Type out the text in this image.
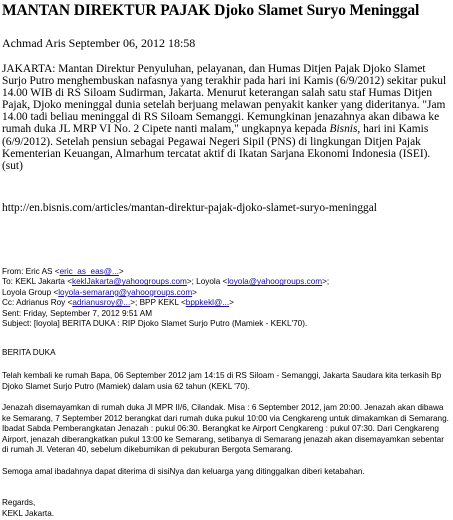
MANTAN DIREKTUR PAJAK Djoko Slamet Suryo Meninggal
Achmad Aris September 06, 2012 18:58
JAKARTA: Mantan Direktur Penyuluhan, pelayanan, dan Humas Ditjen Pajak Djoko Slamet Surjo Putro menghembuskan nafasnya yang terakhir pada hari ini Kamis (6/9/2012) sekitar pukul 14.00 WIB di RS Siloam Sudirman, Jakarta. Menurut keterangan salah satu staf Humas Ditjen Pajak, Djoko meninggal dunia setelah berjuang melawan penyakit kanker yang dideritanya. "Jam 14.00 tadi beliau meninggal di RS Siloam Semanggi. Kemungkinan jenazahnya akan dibawa ke rumah duka JL MRP VI No. 2 Cipete nanti malam," ungkapnya kepada Bisnis, hari ini Kamis (6/9/2012). Setelah pensiun sebagai Pegawai Negeri Sipil (PNS) di lingkungan Ditjen Pajak Kementerian Keuangan, Almarhum tercatat aktif di Ikatan Sarjana Ekonomi Indonesia (ISEI). (sut)
http://en.bisnis.com/articles/mantan-direktur-pajak-djoko-slamet-suryo-meninggal
From: Eric AS <eric_as_eas@...>
To: KEKL Jakarta <keklJakarta@yahoogroups.com>; Loyola <loyola@yahoogroups.com>;
Loyola Group <loyola-semarang@yahoogroups.com>
Cc: Adrianus Roy <adrianusroy@...>; BPP KEKL <bppkekl@...>
Sent: Friday, September 7, 2012 9:51 AM
Subject: [loyola] BERITA DUKA : RIP Djoko Slamet Surjo Putro (Mamiek - KEKL'70).
BERITA DUKA

Telah kembali ke rumah Bapa, 06 September 2012 jam 14:15 di RS Siloam - Semanggi, Jakarta Saudara kita terkasih Bp Djoko Slamet Surjo Putro (Mamiek) dalam usia 62 tahun (KEKL '70).

Jenazah disemayamkan di rumah duka Jl MPR II/6, Cilandak. Misa : 6 September 2012, jam 20:00. Jenazah akan dibawa ke Semarang, 7 September 2012 berangkat dari rumah duka pukul 10:00 via Cengkareng untuk dimakamkan di Semarang. Ibadat Sabda Pemberangkatan Jenazah : pukul 06:30. Berangkat ke Airport Cengkareng : pukul 07:30. Dari Cengkareng Airport, jenazah diberangkatkan pukul 13:00 ke Semarang, setibanya di Semarang jenazah akan disemayamkan sebentar di rumah Jl. Veteran 40, sebelum dikebumikan di pekuburan Bergota Semarang.

Semoga amal ibadahnya dapat diterima di sisiNya dan keluarga yang ditinggalkan diberi ketabahan.

Regards,
KEKL Jakarta.
